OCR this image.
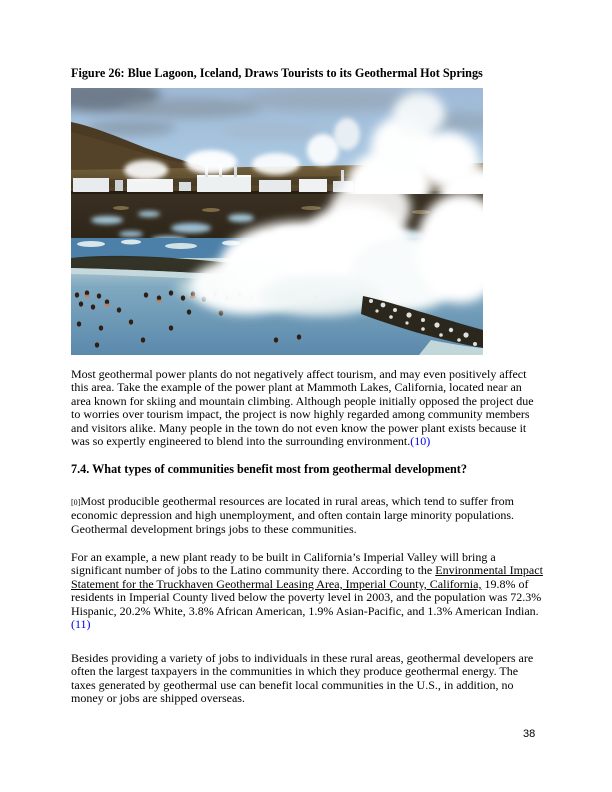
Figure 26: Blue Lagoon, Iceland, Draws Tourists to its Geothermal Hot Springs

Most geothermal power plants do not negatively affect tourism, and may even positively affect this area. Take the example of the power plant at Mammoth Lakes, California, located near an area known for skiing and mountain climbing. Although people initially opposed the project due to worries over tourism impact, the project is now highly regarded among community members and visitors alike. Many people in the town do not even know the power plant exists because it was so expertly engineered to blend into the surrounding environment.(10)

7.4. What types of communities benefit most from geothermal development?

[0]Most producible geothermal resources are located in rural areas, which tend to suffer from economic depression and high unemployment, and often contain large minority populations. Geothermal development brings jobs to these communities.

For an example, a new plant ready to be built in California’s Imperial Valley will bring a significant number of jobs to the Latino community there. According to the Environmental Impact Statement for the Truckhaven Geothermal Leasing Area, Imperial County, California, 19.8% of residents in Imperial County lived below the poverty level in 2003, and the population was 72.3% Hispanic, 20.2% White, 3.8% African American, 1.9% Asian-Pacific, and 1.3% American Indian.(11)

Besides providing a variety of jobs to individuals in these rural areas, geothermal developers are often the largest taxpayers in the communities in which they produce geothermal energy. The taxes generated by geothermal use can benefit local communities in the U.S., in addition, no money or jobs are shipped overseas.

38
